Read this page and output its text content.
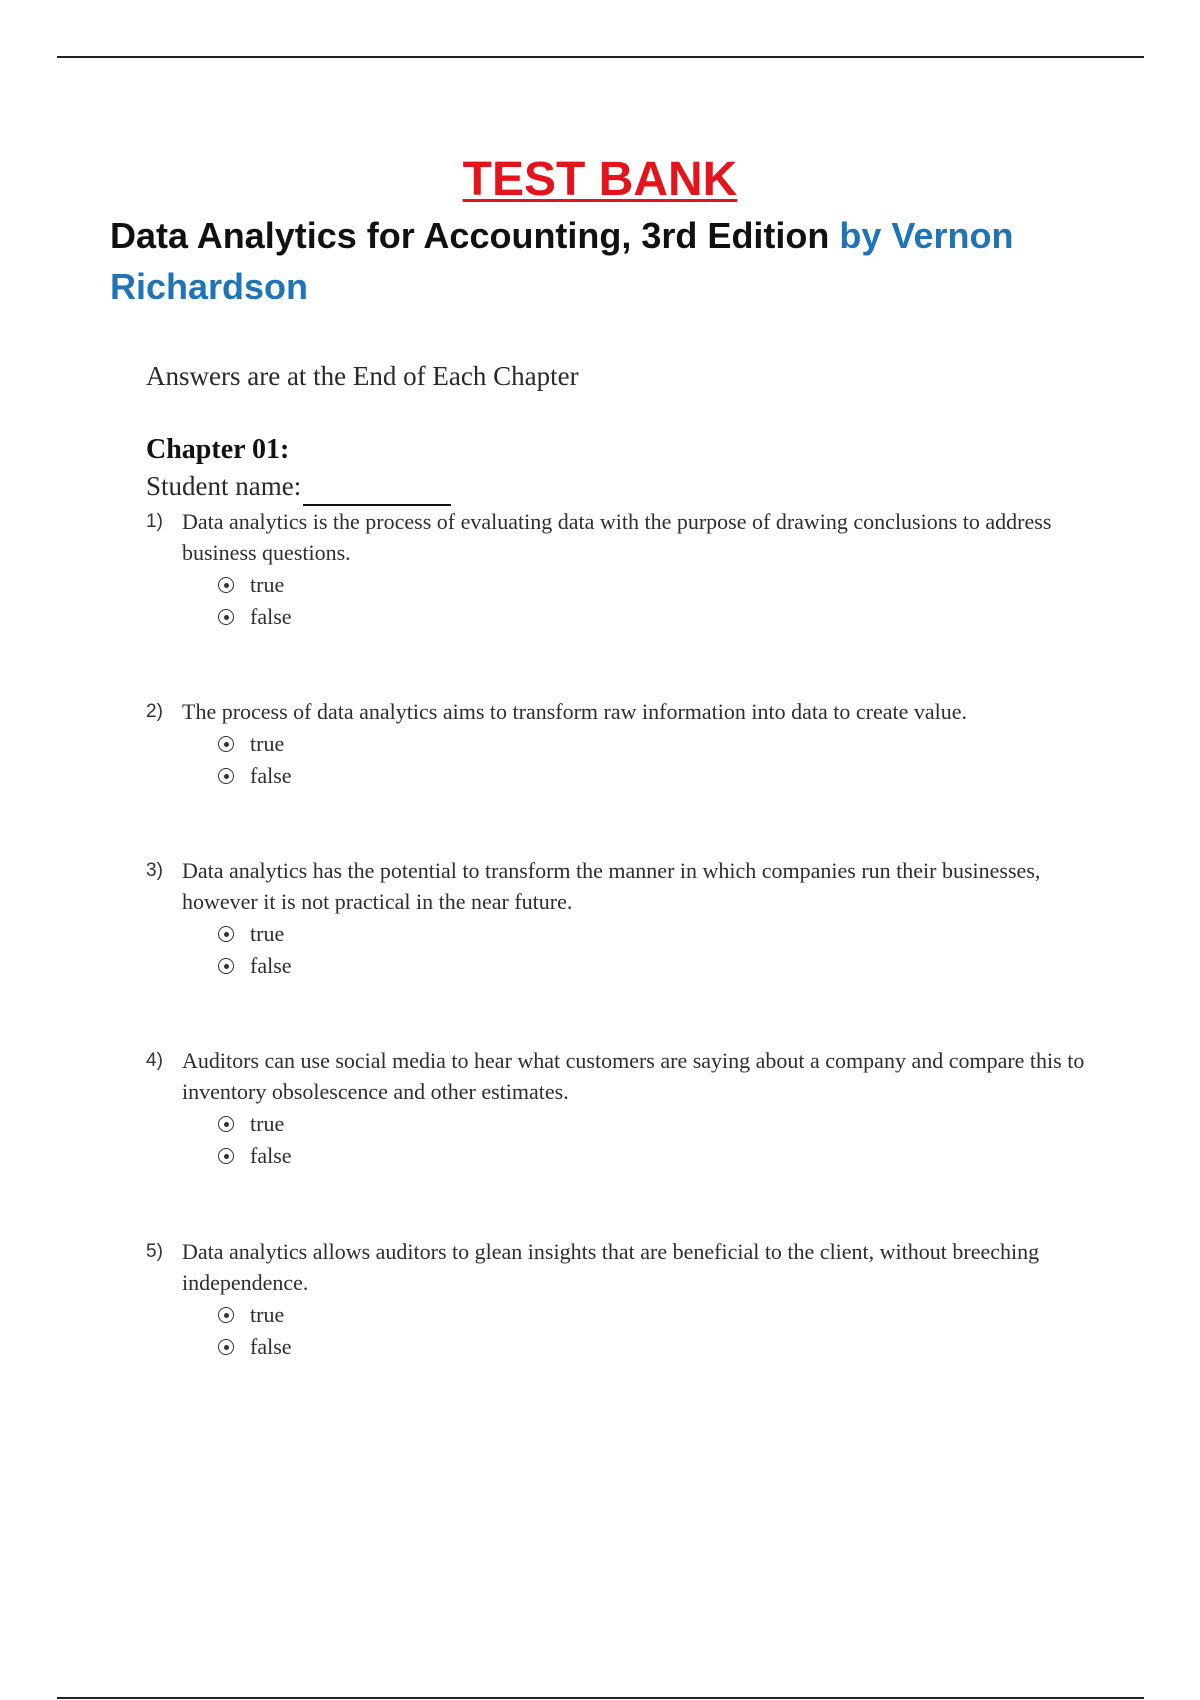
TEST BANK
Data Analytics for Accounting, 3rd Edition by Vernon Richardson
Answers are at the End of Each Chapter
Chapter 01:
Student name:
1) Data analytics is the process of evaluating data with the purpose of drawing conclusions to address business questions.
true
false
2) The process of data analytics aims to transform raw information into data to create value.
true
false
3) Data analytics has the potential to transform the manner in which companies run their businesses, however it is not practical in the near future.
true
false
4) Auditors can use social media to hear what customers are saying about a company and compare this to inventory obsolescence and other estimates.
true
false
5) Data analytics allows auditors to glean insights that are beneficial to the client, without breeching independence.
true
false
